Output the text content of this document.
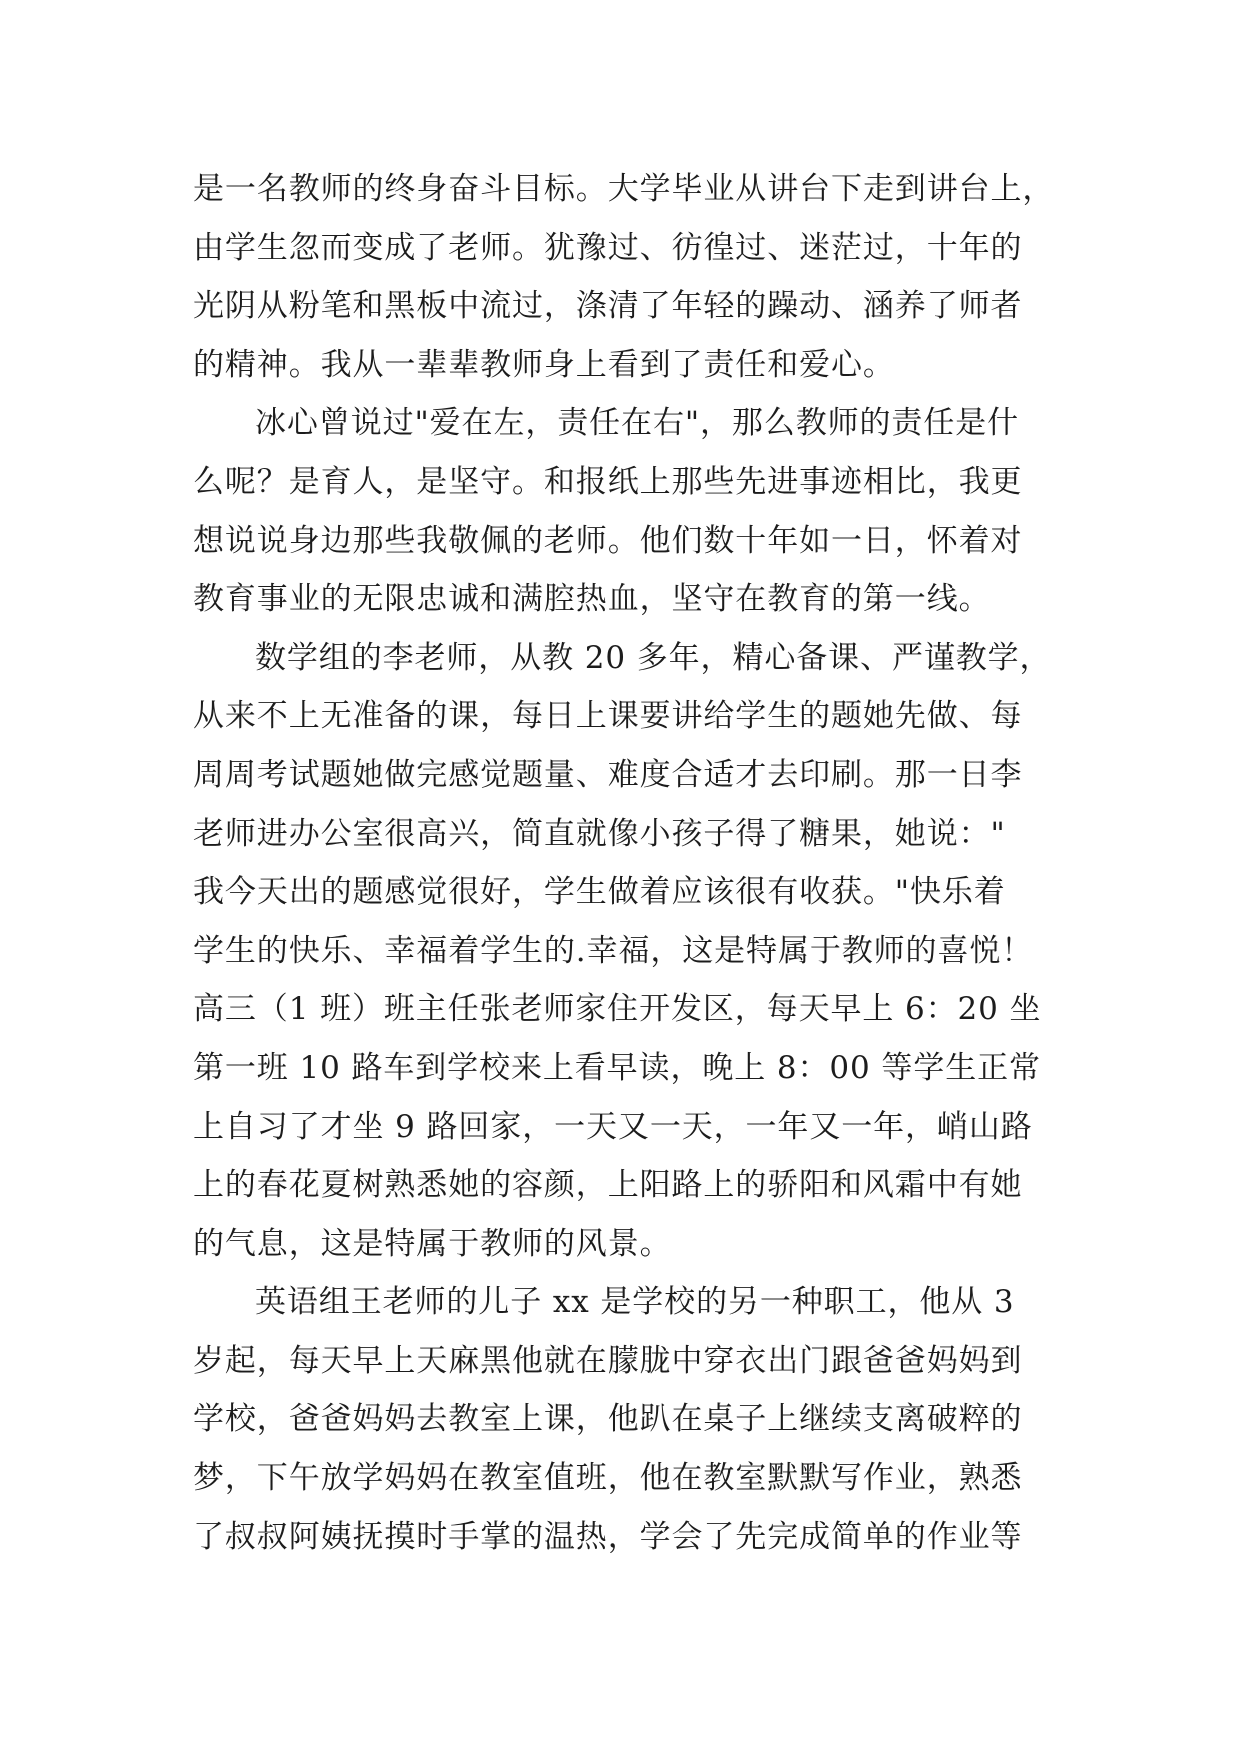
是一名教师的终身奋斗目标。大学毕业从讲台下走到讲台上，
由学生忽而变成了老师。犹豫过、彷徨过、迷茫过，十年的
光阴从粉笔和黑板中流过，涤清了年轻的躁动、涵养了师者
的精神。我从一辈辈教师身上看到了责任和爱心。
冰心曾说过"爱在左，责任在右"，那么教师的责任是什
么呢？是育人，是坚守。和报纸上那些先进事迹相比，我更
想说说身边那些我敬佩的老师。他们数十年如一日，怀着对
教育事业的无限忠诚和满腔热血，坚守在教育的第一线。
数学组的李老师，从教 20 多年，精心备课、严谨教学，
从来不上无准备的课，每日上课要讲给学生的题她先做、每
周周考试题她做完感觉题量、难度合适才去印刷。那一日李
老师进办公室很高兴，简直就像小孩子得了糖果，她说："
我今天出的题感觉很好，学生做着应该很有收获。"快乐着
学生的快乐、幸福着学生的.幸福，这是特属于教师的喜悦！
高三（1 班）班主任张老师家住开发区，每天早上 6：20 坐
第一班 10 路车到学校来上看早读，晚上 8：00 等学生正常
上自习了才坐 9 路回家，一天又一天，一年又一年，峭山路
上的春花夏树熟悉她的容颜，上阳路上的骄阳和风霜中有她
的气息，这是特属于教师的风景。
英语组王老师的儿子 xx 是学校的另一种职工，他从 3
岁起，每天早上天麻黑他就在朦胧中穿衣出门跟爸爸妈妈到
学校，爸爸妈妈去教室上课，他趴在桌子上继续支离破粹的
梦，下午放学妈妈在教室值班，他在教室默默写作业，熟悉
了叔叔阿姨抚摸时手掌的温热，学会了先完成简单的作业等
